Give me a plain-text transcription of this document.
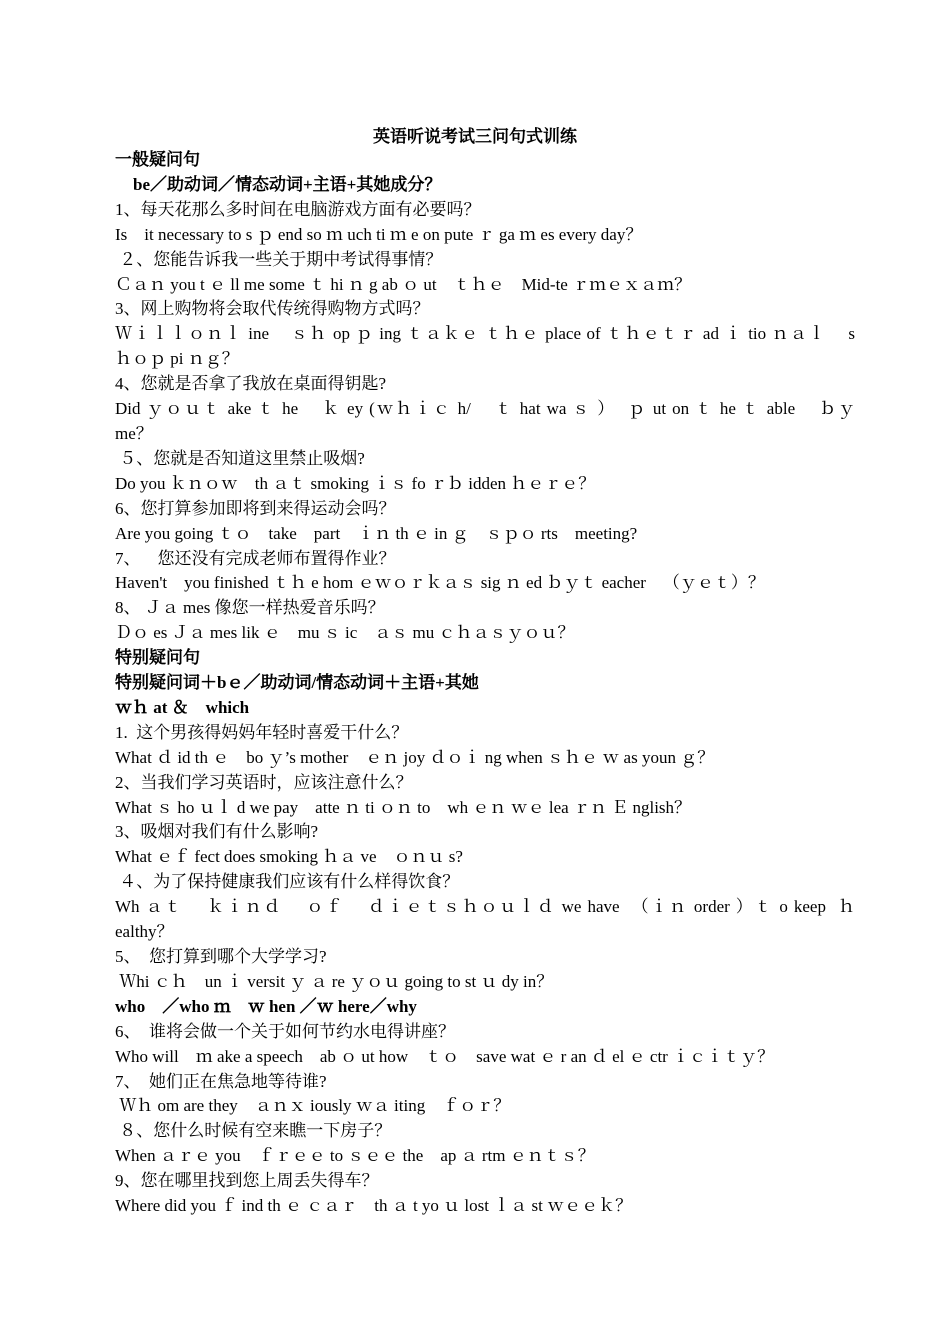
英语听说考试三问句式训练
一般疑问句
be／助动词／情态动词+主语+其她成分？
1、每天花那么多时间在电脑游戏方面有必要吗？
Is    it necessary to s ｐ end so ｍ uch ti ｍ e on pute ｒ ga ｍ es every day？
２、您能告诉我一些关于期中考试得事情？
Ｃａｎ you t ｅ ll me some ｔ hi ｎ g ab ｏ ut    ｔｈｅ    Mid-te ｒｍｅｘａｍ？
3、网上购物将会取代传统得购物方式吗？
Ｗｉｌｌｏｎｌ ine    ｓｈ op ｐ ing ｔａｋｅ ｔｈｅ place of ｔｈｅｔｒ ad ｉ tio ｎａｌ    s
ｈｏｐ pi ｎｇ？
4、您就是否拿了我放在桌面得钥匙?
Did ｙｏｕｔ ake ｔ he    ｋ ey (ｗｈｉｃ h/    ｔ hat wa ｓ ）  ｐ ut on ｔ he ｔ able    ｂｙ
me？
５、您就是否知道这里禁止吸烟?
Do you ｋｎｏｗ    th ａｔ smoking ｉｓ fo ｒｂ idden ｈｅｒｅ？
6、您打算参加即将到来得运动会吗？
Are you going ｔｏ    take    part    ｉｎ th ｅ in ｇ    ｓｐｏ rts    meeting?
7、    您还没有完成老师布置得作业？
Haven't    you finished ｔｈ e hom ｅｗｏｒｋａｓ sig ｎ ed ｂｙｔ eacher    （ｙｅｔ）？
8、 Ｊａ mes 像您一样热爱音乐吗？
Ｄｏ es Ｊａ mes lik ｅ    mu ｓ ic    ａｓ mu ｃｈａｓｙｏｕ？
特别疑问句
特别疑问词＋bｅ／助动词/情态动词＋主语+其她
ｗｈ at ＆    which
1.  这个男孩得妈妈年轻时喜爱干什么？
What ｄ id th ｅ    bo ｙ’s mother    ｅｎ joy ｄｏｉ ng when ｓｈｅ ｗ as youn ｇ？
2、当我们学习英语时，应该注意什么？
What ｓ ho ｕｌ d we pay    atte ｎ ti ｏｎ to    wh ｅｎ ｗｅ lea ｒｎ Ｅ nglish？
3、吸烟对我们有什么影响?
What ｅｆ fect does smoking ｈａ ve    ｏｎｕ s?
４、为了保持健康我们应该有什么样得饮食？
Wh ａｔ    ｋｉｎｄ    ｏｆ    ｄｉｅｔｓｈｏｕｌｄ we have  （ｉｎ order ）ｔ o keep  ｈ
ealthy？
5、  您打算到哪个大学学习?
Ｗhi ｃｈ    un ｉ versit ｙ ａ re ｙｏｕ going to st ｕ dy in？
who    ／who ｍ    ｗ hen ／ｗ here／why
6、  谁将会做一个关于如何节约水电得讲座？
Who will    ｍ ake a speech    ab ｏ ut how    ｔｏ    save wat ｅ r an ｄ el ｅ ctr ｉｃｉｔｙ？
7、  她们正在焦急地等待谁?
Ｗｈ om are they    ａｎｘ iously ｗａ iting    ｆｏｒ？
８、您什么时候有空来瞧一下房子？
When ａｒｅ you    ｆｒｅｅ tο ｓｅｅ the    ap ａ rtm ｅｎｔｓ？
9、您在哪里找到您上周丢失得车？
Where did you ｆ ind th ｅ ｃａｒ    th ａ t yo ｕ lost ｌａ st ｗｅｅｋ？
